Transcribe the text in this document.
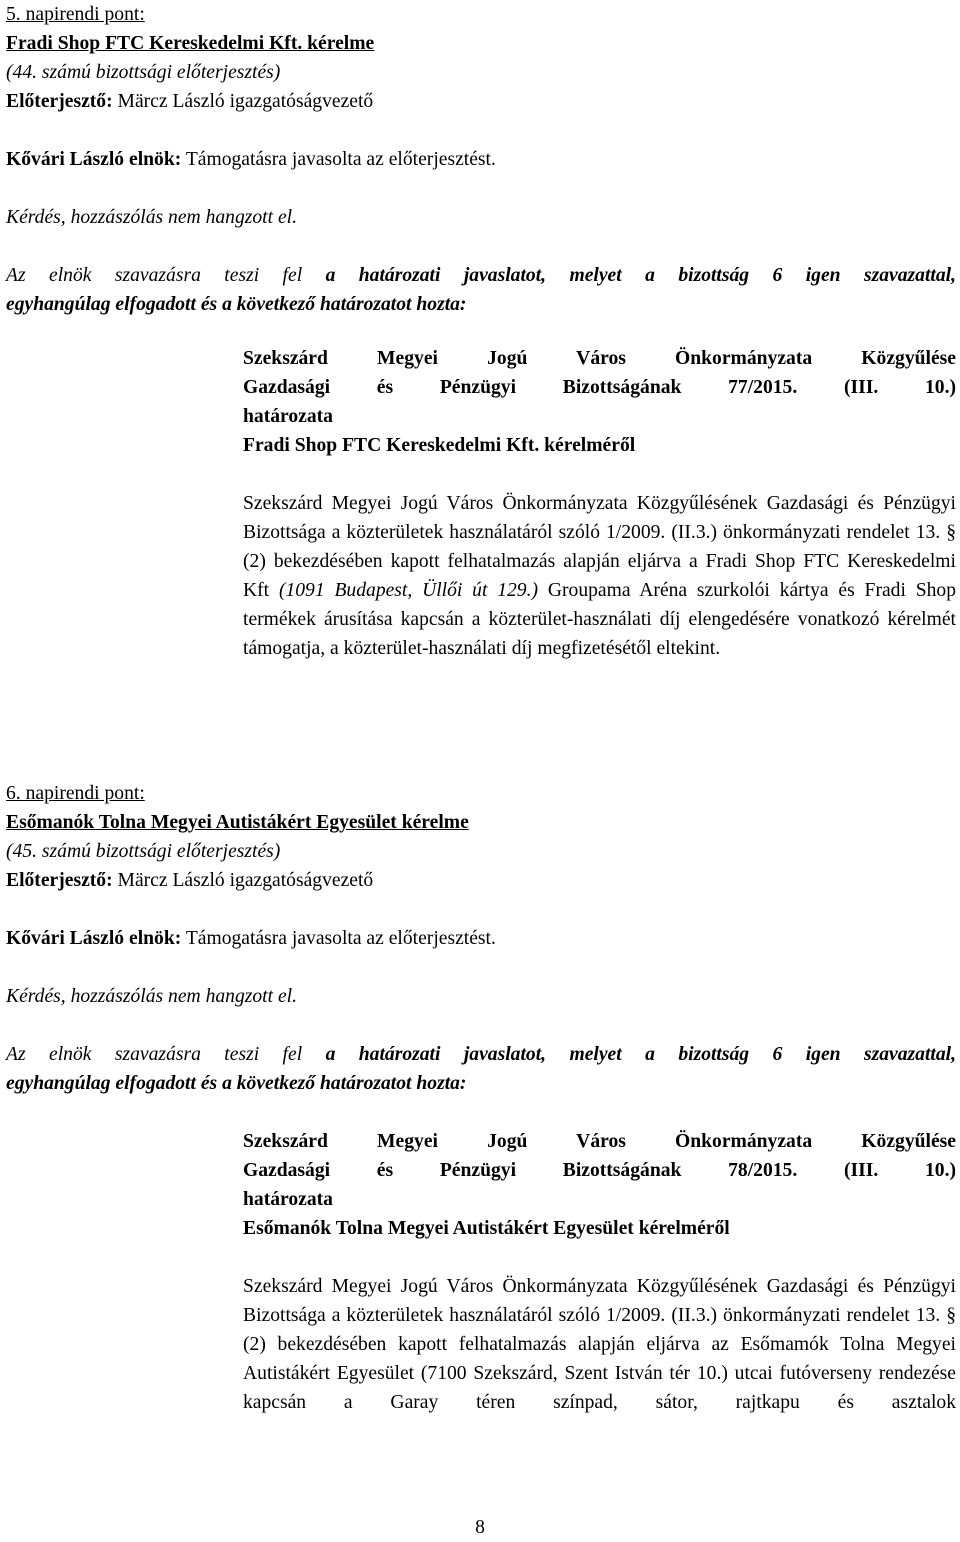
5. napirendi pont:

Fradi Shop FTC Kereskedelmi Kft. kérelme

(44. számú bizottsági előterjesztés)

Előterjesztő: Märcz László igazgatóságvezető

Kővári László elnök: Támogatásra javasolta az előterjesztést.

Kérdés, hozzászólás nem hangzott el.

Az elnök szavazásra teszi fel a határozati javaslatot, melyet a bizottság 6 igen szavazattal,

egyhangúlag elfogadott és a következő határozatot hozta:

Szekszárd Megyei Jogú Város Önkormányzata Közgyűlése

Gazdasági és Pénzügyi Bizottságának 77/2015. (III. 10.)

határozata

Fradi Shop FTC Kereskedelmi Kft. kérelméről

Szekszárd Megyei Jogú Város Önkormányzata Közgyűlésének Gazdasági és Pénzügyi Bizottsága a közterületek használatáról szóló 1/2009. (II.3.) önkormányzati rendelet 13. § (2) bekezdésében kapott felhatalmazás alapján eljárva a Fradi Shop FTC Kereskedelmi Kft (1091 Budapest, Üllői út 129.) Groupama Aréna szurkolói kártya és Fradi Shop termékek árusítása kapcsán a közterület-használati díj elengedésére vonatkozó kérelmét támogatja, a közterület-használati díj megfizetésétől eltekint.

6. napirendi pont:

Esőmanók Tolna Megyei Autistákért Egyesület kérelme

(45. számú bizottsági előterjesztés)

Előterjesztő: Märcz László igazgatóságvezető

Kővári László elnök: Támogatásra javasolta az előterjesztést.

Kérdés, hozzászólás nem hangzott el.

Az elnök szavazásra teszi fel a határozati javaslatot, melyet a bizottság 6 igen szavazattal,

egyhangúlag elfogadott és a következő határozatot hozta:

Szekszárd Megyei Jogú Város Önkormányzata Közgyűlése

Gazdasági és Pénzügyi Bizottságának 78/2015. (III. 10.)

határozata

Esőmanók Tolna Megyei Autistákért Egyesület kérelméről

Szekszárd Megyei Jogú Város Önkormányzata Közgyűlésének Gazdasági és Pénzügyi Bizottsága a közterületek használatáról szóló 1/2009. (II.3.) önkormányzati rendelet 13. § (2) bekezdésében kapott felhatalmazás alapján eljárva az Esőmamók Tolna Megyei Autistákért Egyesület (7100 Szekszárd, Szent István tér 10.) utcai futóverseny rendezése kapcsán a Garay téren színpad, sátor, rajtkapu és asztalok

8
